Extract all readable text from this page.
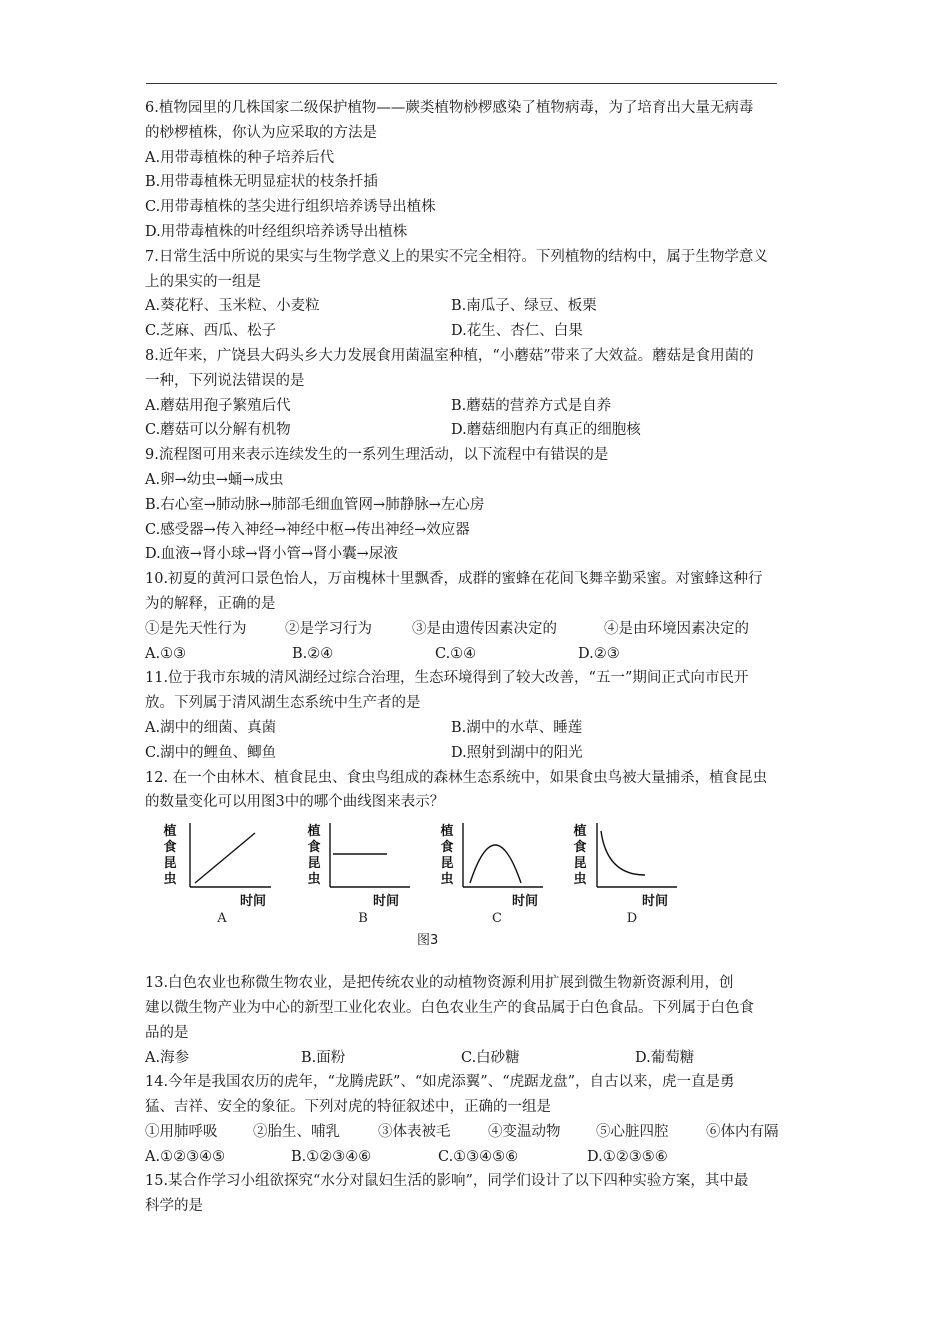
6.植物园里的几株国家二级保护植物——蕨类植物桫椤感染了植物病毒，为了培育出大量无病毒
的桫椤植株，你认为应采取的方法是
A.用带毒植株的种子培养后代
B.用带毒植株无明显症状的枝条扦插
C.用带毒植株的茎尖进行组织培养诱导出植株
D.用带毒植株的叶经组织培养诱导出植株
7.日常生活中所说的果实与生物学意义上的果实不完全相符。下列植物的结构中，属于生物学意义
上的果实的一组是
A.葵花籽、玉米粒、小麦粒	B.南瓜子、绿豆、板栗
C.芝麻、西瓜、松子	D.花生、杏仁、白果
8.近年来，广饶县大码头乡大力发展食用菌温室种植，“小蘑菇”带来了大效益。蘑菇是食用菌的
一种，下列说法错误的是
A.蘑菇用孢子繁殖后代	B.蘑菇的营养方式是自养
C.蘑菇可以分解有机物	D.蘑菇细胞内有真正的细胞核
9.流程图可用来表示连续发生的一系列生理活动，以下流程中有错误的是
A.卵→幼虫→蛹→成虫
B.右心室→肺动脉→肺部毛细血管网→肺静脉→左心房
C.感受器→传入神经→神经中枢→传出神经→效应器
D.血液→肾小球→肾小管→肾小囊→尿液
10.初夏的黄河口景色怡人，万亩槐林十里飘香，成群的蜜蜂在花间飞舞辛勤采蜜。对蜜蜂这种行
为的解释，正确的是
①是先天性行为	②是学习行为	③是由遗传因素决定的	④是由环境因素决定的
A.①③	B.②④	C.①④	D.②③
11.位于我市东城的清风湖经过综合治理，生态环境得到了较大改善，“五一”期间正式向市民开
放。下列属于清风湖生态系统中生产者的是
A.湖中的细菌、真菌	B.湖中的水草、睡莲
C.湖中的鲤鱼、鲫鱼	D.照射到湖中的阳光
12. 在一个由林木、植食昆虫、食虫鸟组成的森林生态系统中，如果食虫鸟被大量捕杀，植食昆虫
的数量变化可以用图3中的哪个曲线图来表示？
植
食
昆
虫
时间
A
植
食
昆
虫
时间
B
植
食
昆
虫
时间
C
植
食
昆
虫
时间
D
图3
13.白色农业也称微生物农业，是把传统农业的动植物资源利用扩展到微生物新资源利用，创
建以微生物产业为中心的新型工业化农业。白色农业生产的食品属于白色食品。下列属于白色食
品的是
A.海参	B.面粉	C.白砂糖	D.葡萄糖
14.今年是我国农历的虎年，“龙腾虎跃”、“如虎添翼”、“虎踞龙盘”，自古以来，虎一直是勇
猛、吉祥、安全的象征。下列对虎的特征叙述中，正确的一组是
①用肺呼吸 ②胎生、哺乳	③体表被毛	④变温动物 ⑤心脏四腔	⑥体内有隔
A.①②③④⑤	B.①②③④⑥	C.①③④⑤⑥	D.①②③⑤⑥
15.某合作学习小组欲探究“水分对鼠妇生活的影响”，同学们设计了以下四种实验方案，其中最
科学的是
